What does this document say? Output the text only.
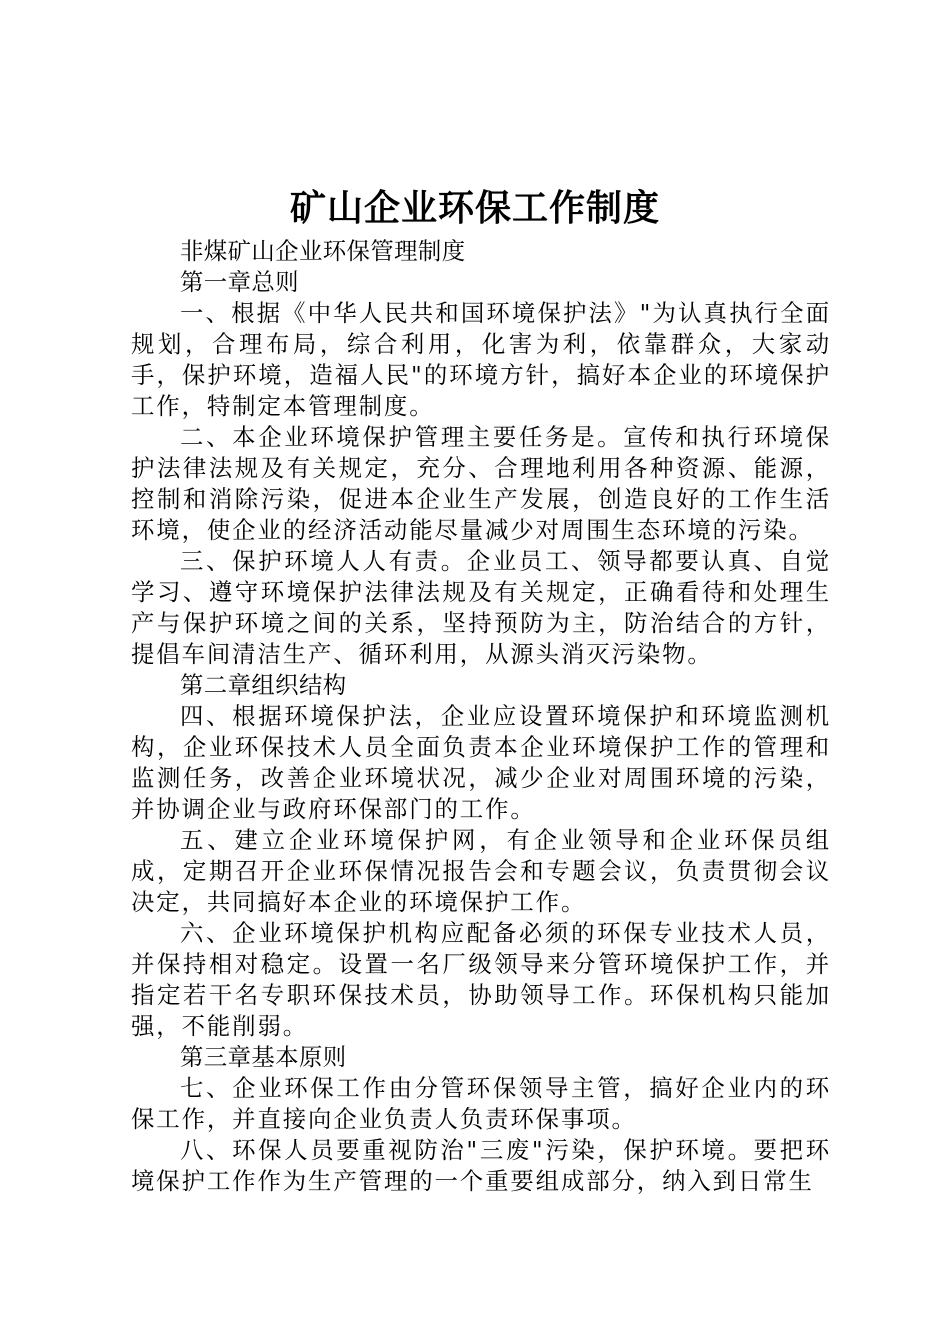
矿山企业环保工作制度

非煤矿山企业环保管理制度

第一章总则

一、根据《中华人民共和国环境保护法》"为认真执行全面规划，合理布局，综合利用，化害为利，依靠群众，大家动手，保护环境，造福人民"的环境方针，搞好本企业的环境保护工作，特制定本管理制度。

二、本企业环境保护管理主要任务是。宣传和执行环境保护法律法规及有关规定，充分、合理地利用各种资源、能源，控制和消除污染，促进本企业生产发展，创造良好的工作生活环境，使企业的经济活动能尽量减少对周围生态环境的污染。

三、保护环境人人有责。企业员工、领导都要认真、自觉学习、遵守环境保护法律法规及有关规定，正确看待和处理生产与保护环境之间的关系，坚持预防为主，防治结合的方针，提倡车间清洁生产、循环利用，从源头消灭污染物。

第二章组织结构

四、根据环境保护法，企业应设置环境保护和环境监测机构，企业环保技术人员全面负责本企业环境保护工作的管理和监测任务，改善企业环境状况，减少企业对周围环境的污染，并协调企业与政府环保部门的工作。

五、建立企业环境保护网，有企业领导和企业环保员组成，定期召开企业环保情况报告会和专题会议，负责贯彻会议决定，共同搞好本企业的环境保护工作。

六、企业环境保护机构应配备必须的环保专业技术人员，并保持相对稳定。设置一名厂级领导来分管环境保护工作，并指定若干名专职环保技术员，协助领导工作。环保机构只能加强，不能削弱。

第三章基本原则

七、企业环保工作由分管环保领导主管，搞好企业内的环保工作，并直接向企业负责人负责环保事项。

八、环保人员要重视防治"三废"污染，保护环境。要把环境保护工作作为生产管理的一个重要组成部分，纳入到日常生
